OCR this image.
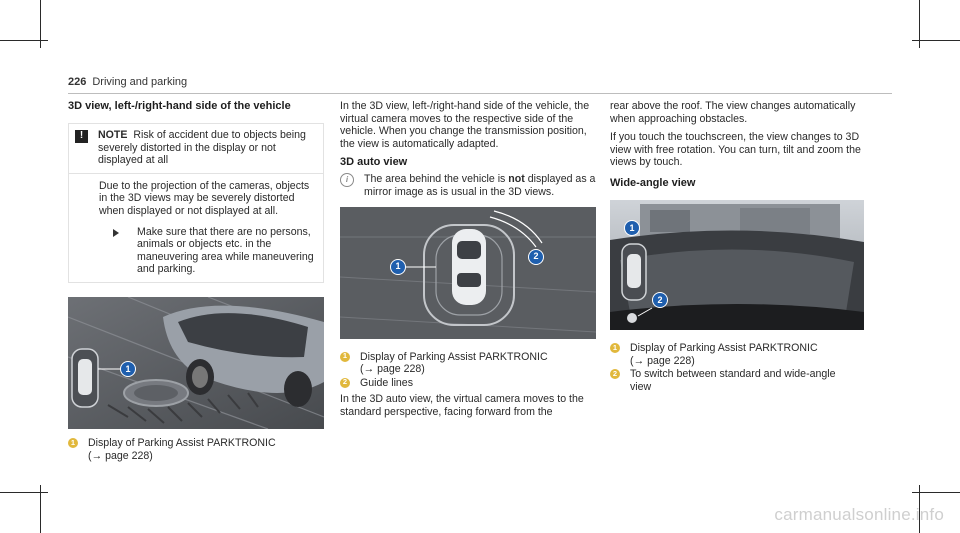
226 Driving and parking
3D view, left-/right-hand side of the vehicle
!	NOTE Risk of accident due to objects being severely distorted in the display or not displayed at all

Due to the projection of the cameras, objects in the 3D views may be severely distorted when displayed or not displayed at all.

Make sure that there are no persons, animals or objects etc. in the maneuvering area while maneuvering and parking.
1
1 Display of Parking Assist PARKTRONIC
(→ page 228)

In the 3D view, left-/right-hand side of the vehicle, the virtual camera moves to the respective side of the vehicle. When you change the transmission position, the view is automatically adapted.

3D auto view
i	The area behind the vehicle is not displayed as a mirror image as is usual in the 3D views.
1
2
1 Display of Parking Assist PARKTRONIC
(→ page 228)
2 Guide lines

In the 3D auto view, the virtual camera moves to the standard perspective, facing forward from the

rear above the roof. The view changes automatically when approaching obstacles.

If you touch the touchscreen, the view changes to 3D view with free rotation. You can turn, tilt and zoom the views by touch.

Wide-angle view
1
2
1 Display of Parking Assist PARKTRONIC
(→ page 228)
2 To switch between standard and wide-angle
view
carmanualsonline.info
